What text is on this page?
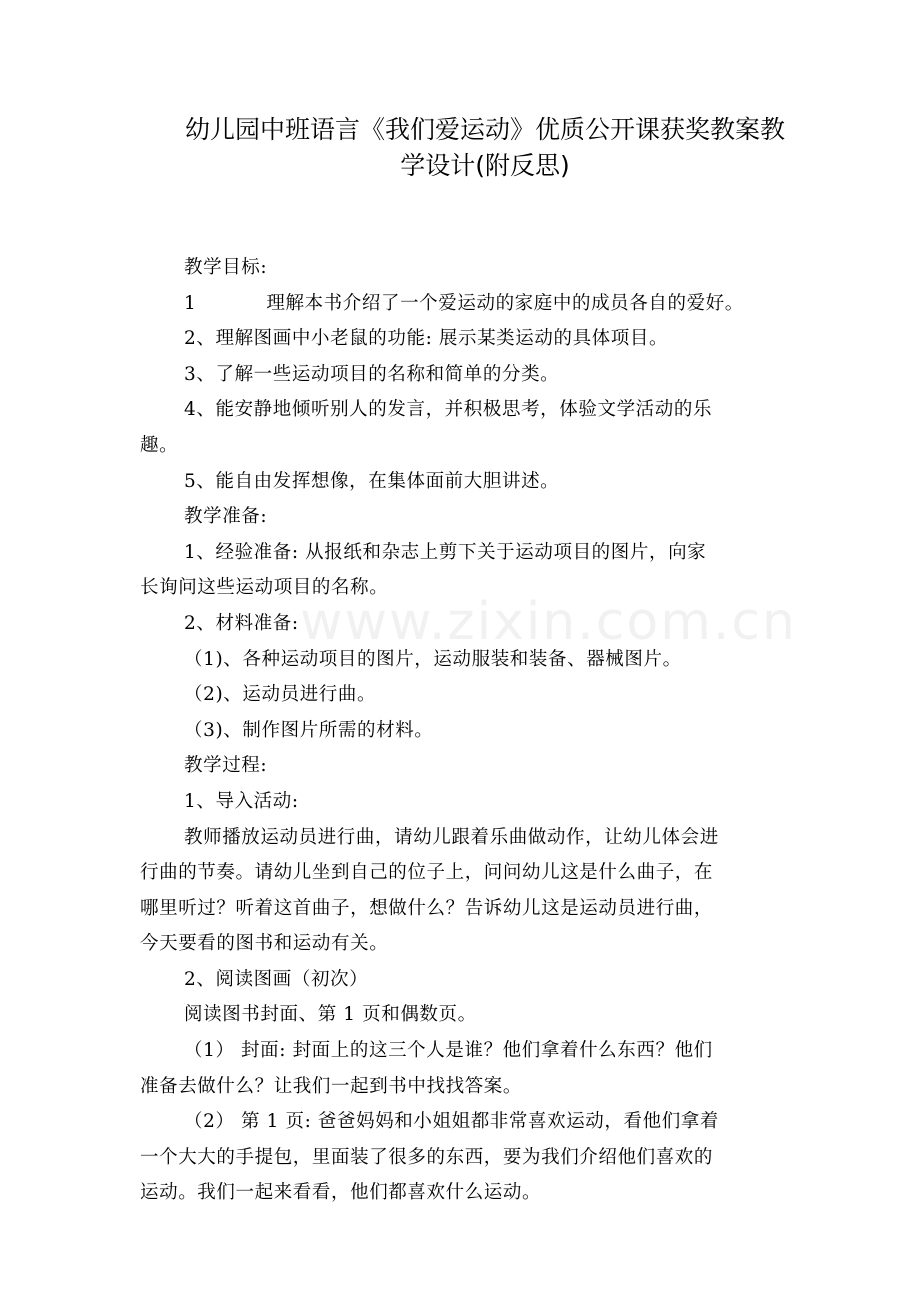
www.zixin.com.cn
幼儿园中班语言《我们爱运动》优质公开课获奖教案教
学设计(附反思)

教学目标:

1	理解本书介绍了一个爱运动的家庭中的成员各自的爱好。

2、理解图画中小老鼠的功能: 展示某类运动的具体项目。

3、了解一些运动项目的名称和简单的分类。

4、能安静地倾听别人的发言，并积极思考，体验文学活动的乐

趣。

5、能自由发挥想像，在集体面前大胆讲述。

教学准备:

1、经验准备: 从报纸和杂志上剪下关于运动项目的图片，向家

长询问这些运动项目的名称。

2、材料准备:

（1)、各种运动项目的图片，运动服装和装备、器械图片。

（2)、运动员进行曲。

（3)、制作图片所需的材料。

教学过程:

1、导入活动:

教师播放运动员进行曲，请幼儿跟着乐曲做动作，让幼儿体会进

行曲的节奏。请幼儿坐到自己的位子上，问问幼儿这是什么曲子，在

哪里听过？听着这首曲子，想做什么？告诉幼儿这是运动员进行曲，

今天要看的图书和运动有关。

2、阅读图画（初次）

阅读图书封面、第 1 页和偶数页。

（1） 封面: 封面上的这三个人是谁？他们拿着什么东西？他们

准备去做什么？让我们一起到书中找找答案。

（2） 第 1 页: 爸爸妈妈和小姐姐都非常喜欢运动，看他们拿着

一个大大的手提包，里面装了很多的东西，要为我们介绍他们喜欢的

运动。我们一起来看看，他们都喜欢什么运动。
